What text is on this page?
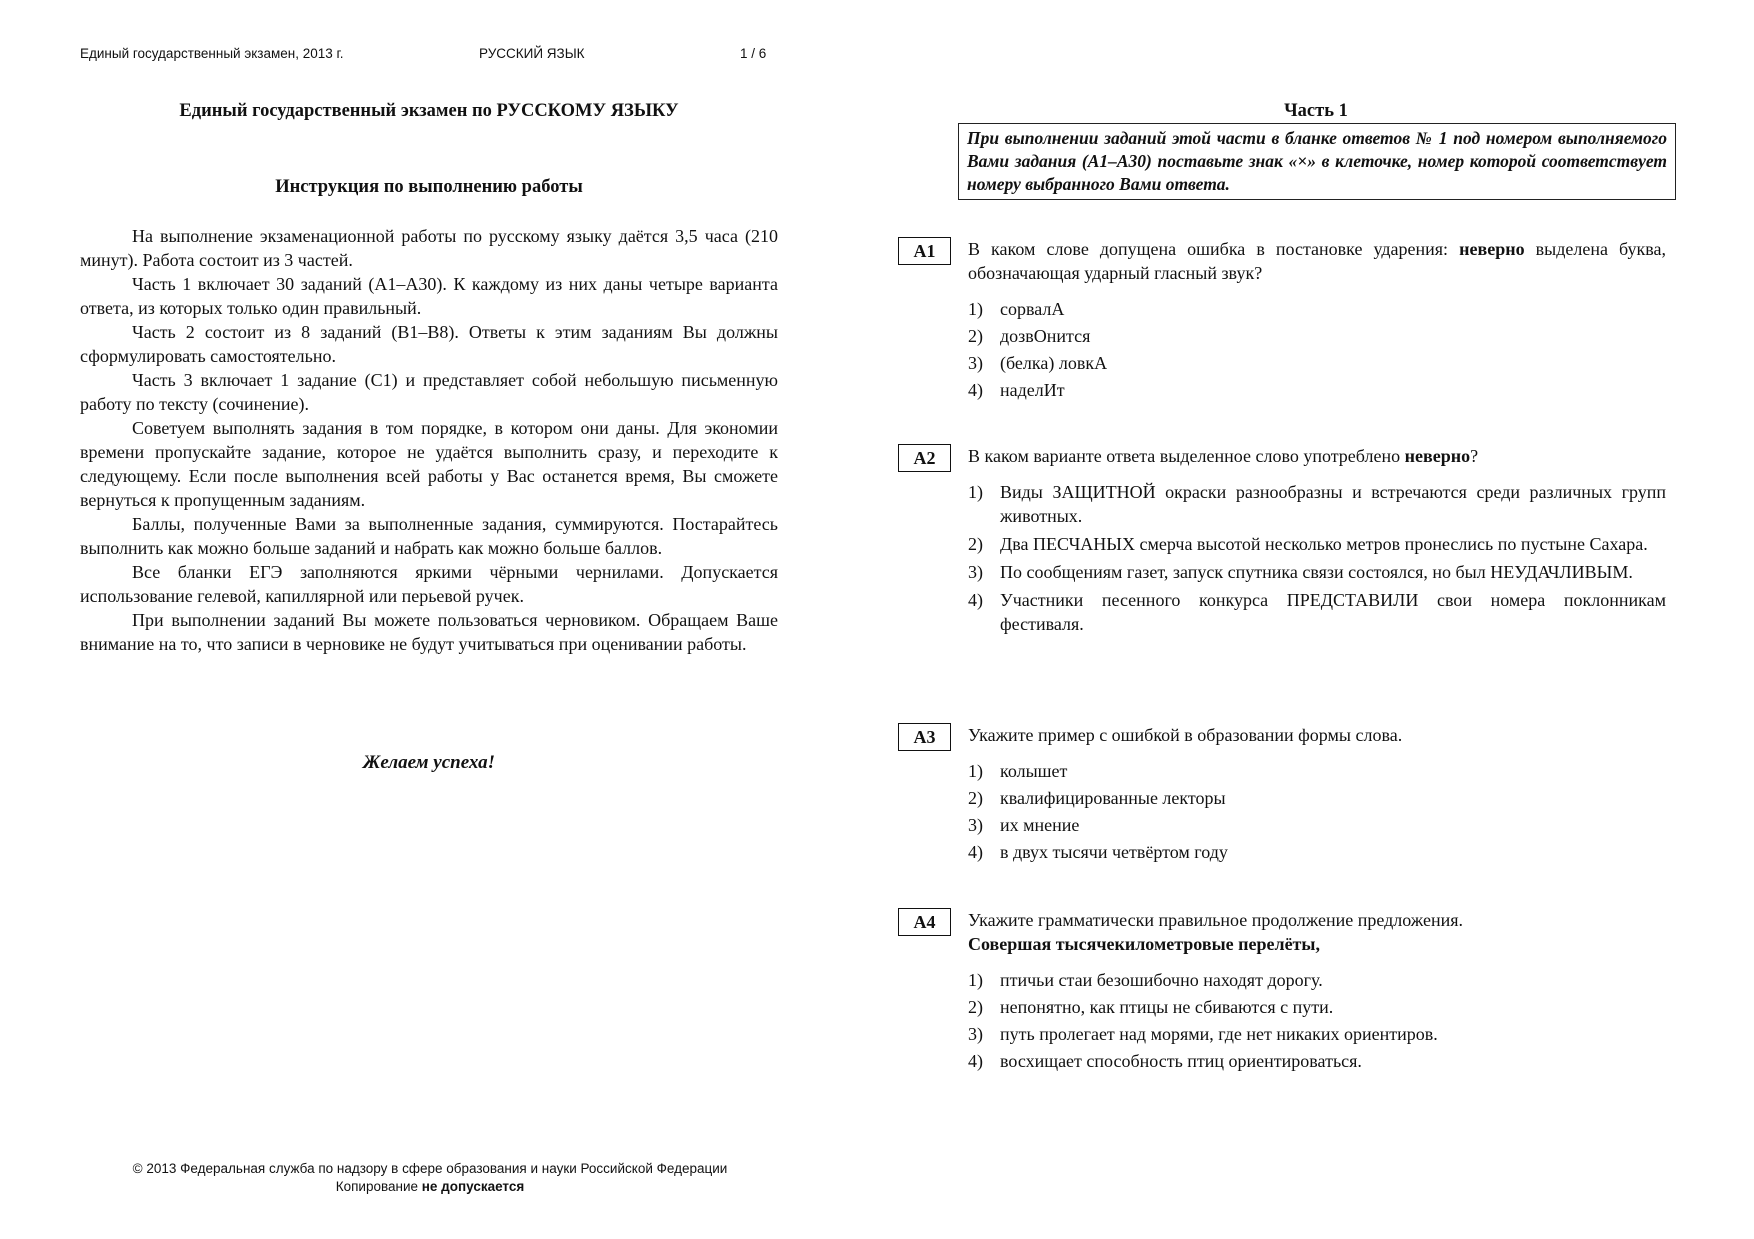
Единый государственный экзамен, 2013 г.	РУССКИЙ ЯЗЫК	1 / 6
Единый государственный экзамен по РУССКОМУ ЯЗЫКУ
Инструкция по выполнению работы

На выполнение экзаменационной работы по русскому языку даётся 3,5 часа (210 минут). Работа состоит из 3 частей.

Часть 1 включает 30 заданий (А1–А30). К каждому из них даны четыре варианта ответа, из которых только один правильный.

Часть 2 состоит из 8 заданий (В1–В8). Ответы к этим заданиям Вы должны сформулировать самостоятельно.

Часть 3 включает 1 задание (С1) и представляет собой небольшую письменную работу по тексту (сочинение).

Советуем выполнять задания в том порядке, в котором они даны. Для экономии времени пропускайте задание, которое не удаётся выполнить сразу, и переходите к следующему. Если после выполнения всей работы у Вас останется время, Вы сможете вернуться к пропущенным заданиям.

Баллы, полученные Вами за выполненные задания, суммируются. Постарайтесь выполнить как можно больше заданий и набрать как можно больше баллов.

Все бланки ЕГЭ заполняются яркими чёрными чернилами. Допускается использование гелевой, капиллярной или перьевой ручек.

При выполнении заданий Вы можете пользоваться черновиком. Обращаем Ваше внимание на то, что записи в черновике не будут учитываться при оценивании работы.

Желаем успеха!
© 2013 Федеральная служба по надзору в сфере образования и науки Российской Федерации
Копирование не допускается
Часть 1
При выполнении заданий этой части в бланке ответов № 1 под номером выполняемого Вами задания (А1–А30) поставьте знак «×» в клеточке, номер которой соответствует номеру выбранного Вами ответа.
А1	В каком слове допущена ошибка в постановке ударения: неверно выделена буква, обозначающая ударный гласный звук?
1) сорвалА
2) дозвОнится
3) (белка) ловкА
4) наделИт
А2	В каком варианте ответа выделенное слово употреблено неверно?
1) Виды ЗАЩИТНОЙ окраски разнообразны и встречаются среди различных групп животных.
2) Два ПЕСЧАНЫХ смерча высотой несколько метров пронеслись по пустыне Сахара.
3) По сообщениям газет, запуск спутника связи состоялся, но был НЕУДАЧЛИВЫМ.
4) Участники песенного конкурса ПРЕДСТАВИЛИ свои номера поклонникам фестиваля.
А3	Укажите пример с ошибкой в образовании формы слова.
1) колышет
2) квалифицированные лекторы
3) их мнение
4) в двух тысячи четвёртом году
А4	Укажите грамматически правильное продолжение предложения.
Совершая тысячекилометровые перелёты,
1) птичьи стаи безошибочно находят дорогу.
2) непонятно, как птицы не сбиваются с пути.
3) путь пролегает над морями, где нет никаких ориентиров.
4) восхищает способность птиц ориентироваться.
